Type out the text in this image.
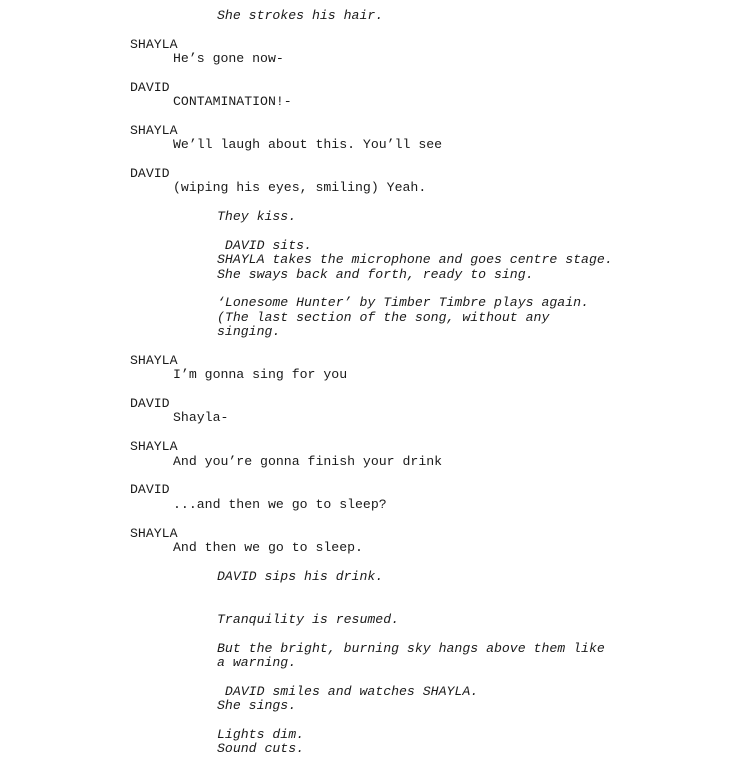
She strokes his hair.

SHAYLA

He’s gone now-

DAVID

CONTAMINATION!-

SHAYLA

We’ll laugh about this. You’ll see

DAVID

(wiping his eyes, smiling) Yeah.

They kiss.

DAVID sits.

SHAYLA takes the microphone and goes centre stage.

She sways back and forth, ready to sing.

‘Lonesome Hunter’ by Timber Timbre plays again.

(The last section of the song, without any

singing.

SHAYLA

I’m gonna sing for you

DAVID

Shayla-

SHAYLA

And you’re gonna finish your drink

DAVID

...and then we go to sleep?

SHAYLA

And then we go to sleep.

DAVID sips his drink.

Tranquility is resumed.

But the bright, burning sky hangs above them like

a warning.

DAVID smiles and watches SHAYLA.

She sings.

Lights dim.

Sound cuts.
